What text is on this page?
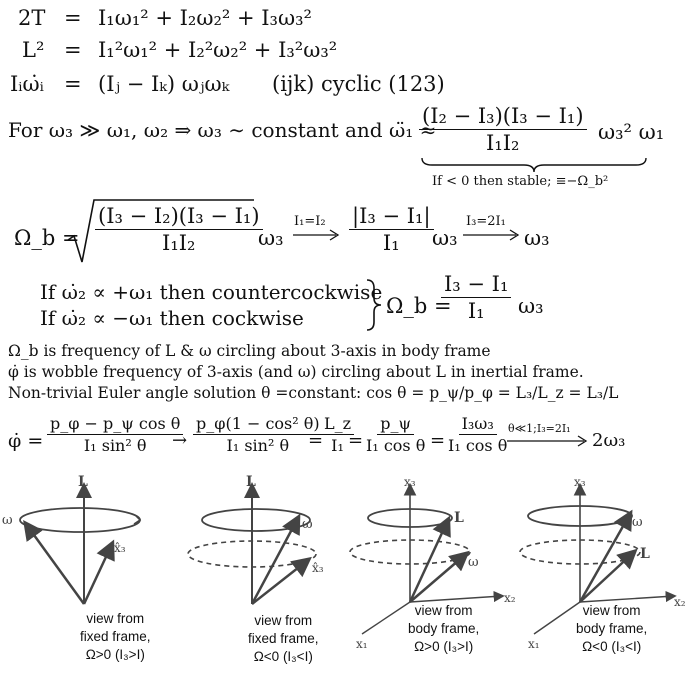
2T = I₁ω₁² + I₂ω₂² + I₃ω₃²
L² = I₁²ω₁² + I₂²ω₂² + I₃²ω₃²
Iᵢω̇ᵢ = (Iⱼ − Iₖ) ωⱼωₖ (ijk) cyclic (123)
For ω₃ ≫ ω₁, ω₂ ⇒ ω₃ ∼ constant and ω̈₁ ≈
$\frac{\text{(I₂ − I₃)(I₃ − I₁)}}{\text{I₁I₂}} \omega_3^2$ ω₁
If < 0 then stable; ≡−Ω_b²
Ω_b = $\frac{\text{(I₃ − I₂)(I₃ − I₁)}}{\text{I₁I₂}}$
ω₃
$I_1=I_2 \frac{\text{|I₃ − I₁|}}{\text{I₁}}$
ω₃
I₃=2I₁
ω₃
If ω̇₂ ∝ +ω₁ then countercockwise
If ω̇₂ ∝ −ω₁ then cockwise	Ω_b =
$\frac{\text{I₃ − I₁}}{\text{I₁}} \omega_3$
Ω_b is frequency of L & ω circling about 3-axis in body frame
φ̇ is wobble frequency of 3-axis (and ω) circling about L in inertial frame.
Non-trivial Euler angle solution θ =constant: cos θ = p_ψ/p_φ = L₃/L_z = L₃/L
φ̇ = $\frac{\text{p\_φ − p\_ψ cos θ}}{\text{I₁ sin² θ}}$
→ $\frac{\text{p\_φ(1 − cos² θ)}}{\text{I₁ sin² θ}}$
=
$\frac{L\_z}{\text{I₁}}$
= $\frac{p\_\psi}{\text{I₁ cos θ}} = \frac{\text{I₃ω₃}}{\text{I₁ cos θ}}$
θ≪1;I₃=2I₁
2ω₃
L
ω
x̂₃
view from
fixed frame,
Ω>0 (I₃>I)
L
ω
x̂₃
view from
fixed frame,
Ω<0 (I₃<I)
x₃
L
ω
x₂
x₁
view from
body frame,
Ω>0 (I₃>I)
x₃
ω
L
x₂
x₁
view from
body frame,
Ω<0 (I₃<I)
